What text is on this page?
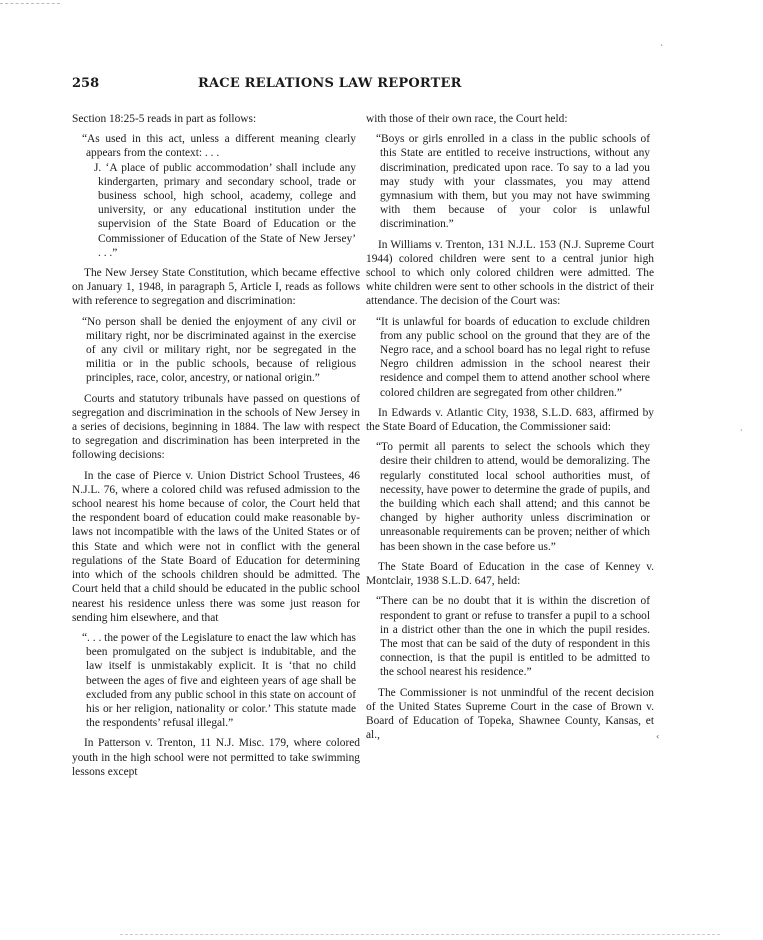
258	RACE RELATIONS LAW REPORTER

Section 18:25-5 reads in part as follows:

“As used in this act, unless a different meaning clearly appears from the context: . . .
J. ‘A place of public accommodation’ shall include any kindergarten, primary and secondary school, trade or business school, high school, academy, college and university, or any educational institution under the supervision of the State Board of Education or the Commissioner of Education of the State of New Jersey’ . . .”

The New Jersey State Constitution, which became effective on January 1, 1948, in paragraph 5, Article I, reads as follows with reference to segregation and discrimination:

“No person shall be denied the enjoyment of any civil or military right, nor be discriminated against in the exercise of any civil or military right, nor be segregated in the militia or in the public schools, because of religious principles, race, color, ancestry, or national origin.”

Courts and statutory tribunals have passed on questions of segregation and discrimination in the schools of New Jersey in a series of decisions, beginning in 1884. The law with respect to segregation and discrimination has been interpreted in the following decisions:

In the case of Pierce v. Union District School Trustees, 46 N.J.L. 76, where a colored child was refused admission to the school nearest his home because of color, the Court held that the respondent board of education could make reasonable by-laws not incompatible with the laws of the United States or of this State and which were not in conflict with the general regulations of the State Board of Education for determining into which of the schools children should be admitted. The Court held that a child should be educated in the public school nearest his residence unless there was some just reason for sending him elsewhere, and that

“. . . the power of the Legislature to enact the law which has been promulgated on the subject is indubitable, and the law itself is unmistakably explicit. It is ‘that no child between the ages of five and eighteen years of age shall be excluded from any public school in this state on account of his or her religion, nationality or color.’ This statute made the respondents’ refusal illegal.”

In Patterson v. Trenton, 11 N.J. Misc. 179, where colored youth in the high school were not permitted to take swimming lessons except

with those of their own race, the Court held:

“Boys or girls enrolled in a class in the public schools of this State are entitled to receive instructions, without any discrimination, predicated upon race. To say to a lad you may study with your classmates, you may attend gymnasium with them, but you may not have swimming with them because of your color is unlawful discrimination.”

In Williams v. Trenton, 131 N.J.L. 153 (N.J. Supreme Court 1944) colored children were sent to a central junior high school to which only colored children were admitted. The white children were sent to other schools in the district of their attendance. The decision of the Court was:

“It is unlawful for boards of education to exclude children from any public school on the ground that they are of the Negro race, and a school board has no legal right to refuse Negro children admission in the school nearest their residence and compel them to attend another school where colored children are segregated from other children.”

In Edwards v. Atlantic City, 1938, S.L.D. 683, affirmed by the State Board of Education, the Commissioner said:

“To permit all parents to select the schools which they desire their children to attend, would be demoralizing. The regularly constituted local school authorities must, of necessity, have power to determine the grade of pupils, and the building which each shall attend; and this cannot be changed by higher authority unless discrimination or unreasonable requirements can be proven; neither of which has been shown in the case before us.”

The State Board of Education in the case of Kenney v. Montclair, 1938 S.L.D. 647, held:

“There can be no doubt that it is within the discretion of respondent to grant or refuse to transfer a pupil to a school in a district other than the one in which the pupil resides. The most that can be said of the duty of respondent in this connection, is that the pupil is entitled to be admitted to the school nearest his residence.”

The Commissioner is not unmindful of the recent decision of the United States Supreme Court in the case of Brown v. Board of Education of Topeka, Shawnee County, Kansas, et al.,

`
·
‹
